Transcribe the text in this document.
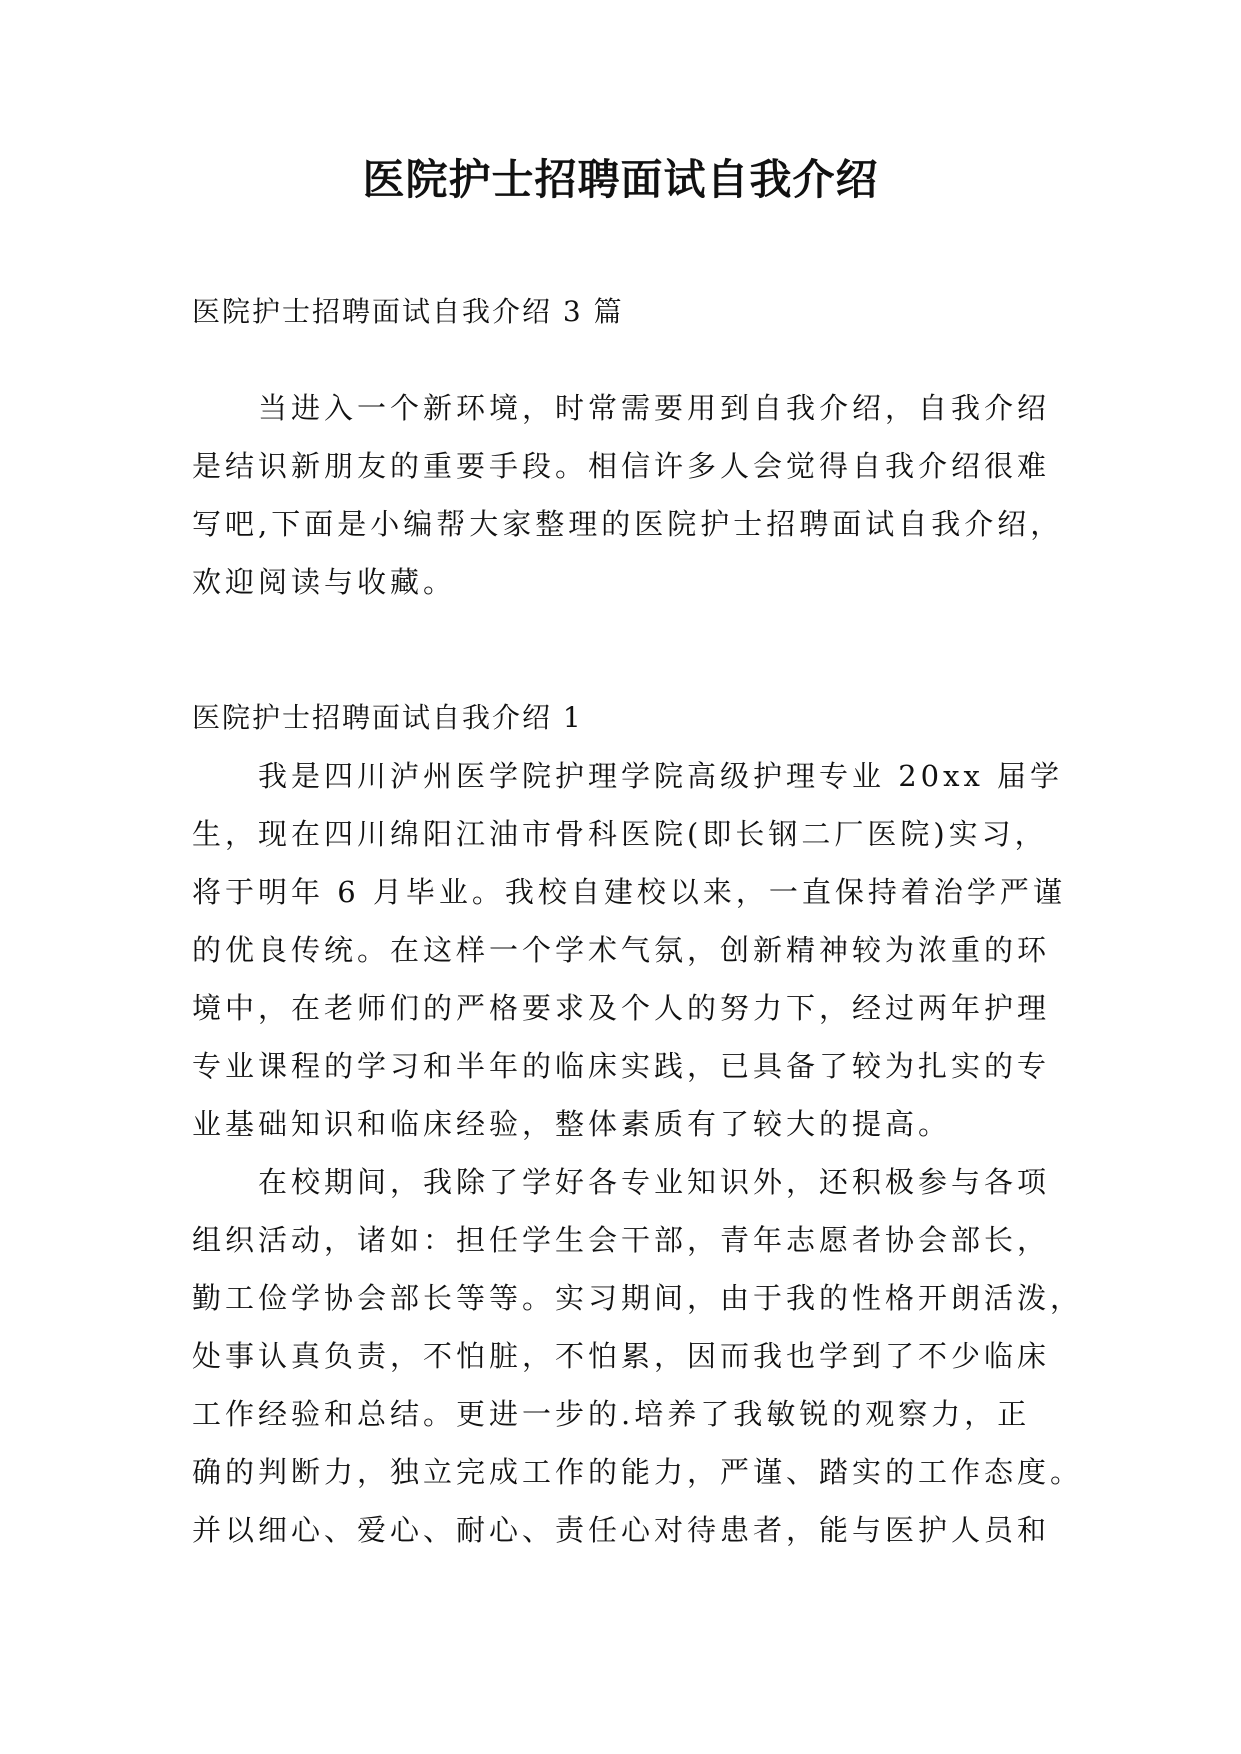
医院护士招聘面试自我介绍

医院护士招聘面试自我介绍 3 篇

当进入一个新环境，时常需要用到自我介绍，自我介绍

是结识新朋友的重要手段。相信许多人会觉得自我介绍很难

写吧,下面是小编帮大家整理的医院护士招聘面试自我介绍，

欢迎阅读与收藏。

医院护士招聘面试自我介绍 1

我是四川泸州医学院护理学院高级护理专业 20xx 届学

生，现在四川绵阳江油市骨科医院(即长钢二厂医院)实习，

将于明年 6 月毕业。我校自建校以来，一直保持着治学严谨

的优良传统。在这样一个学术气氛，创新精神较为浓重的环

境中，在老师们的严格要求及个人的努力下，经过两年护理

专业课程的学习和半年的临床实践，已具备了较为扎实的专

业基础知识和临床经验，整体素质有了较大的提高。

在校期间，我除了学好各专业知识外，还积极参与各项

组织活动，诸如：担任学生会干部，青年志愿者协会部长，

勤工俭学协会部长等等。实习期间，由于我的性格开朗活泼，

处事认真负责，不怕脏，不怕累，因而我也学到了不少临床

工作经验和总结。更进一步的.培养了我敏锐的观察力，正

确的判断力，独立完成工作的能力，严谨、踏实的工作态度。

并以细心、爱心、耐心、责任心对待患者，能与医护人员和
